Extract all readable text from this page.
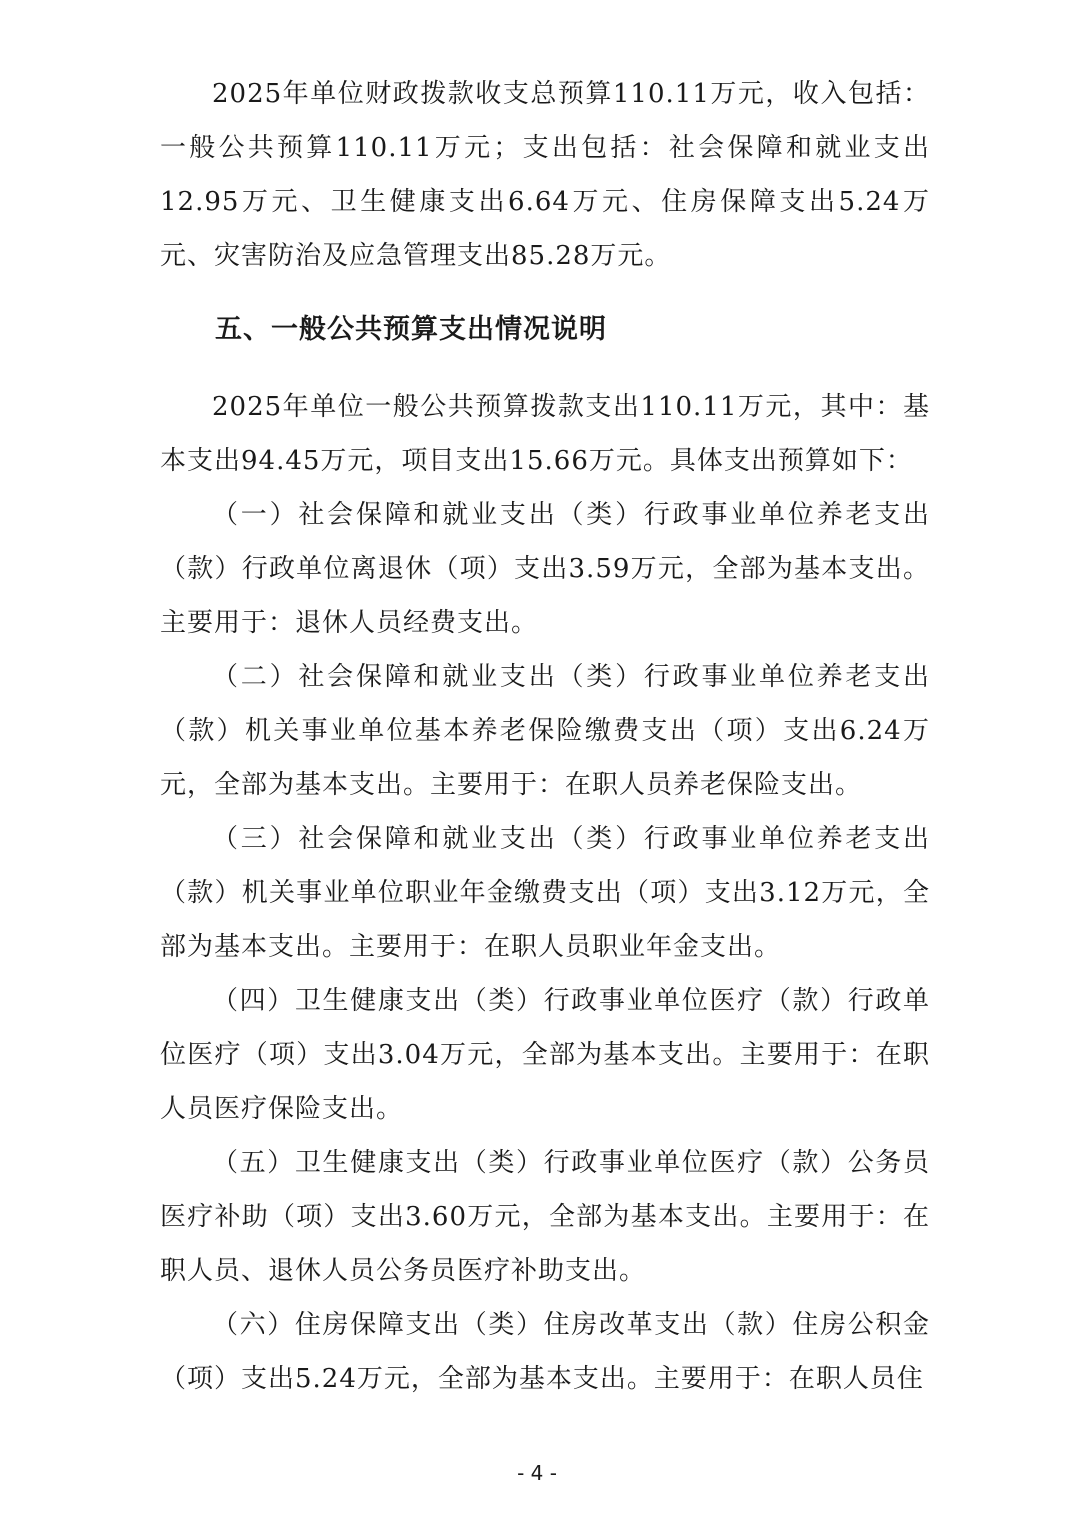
2025年单位财政拨款收支总预算110.11万元，收入包括：一般公共预算110.11万元；支出包括：社会保障和就业支出12.95万元、卫生健康支出6.64万元、住房保障支出5.24万元、灾害防治及应急管理支出85.28万元。

五、一般公共预算支出情况说明

2025年单位一般公共预算拨款支出110.11万元，其中：基本支出94.45万元，项目支出15.66万元。具体支出预算如下：

（一）社会保障和就业支出（类）行政事业单位养老支出（款）行政单位离退休（项）支出3.59万元，全部为基本支出。主要用于：退休人员经费支出。

（二）社会保障和就业支出（类）行政事业单位养老支出（款）机关事业单位基本养老保险缴费支出（项）支出6.24万元，全部为基本支出。主要用于：在职人员养老保险支出。

（三）社会保障和就业支出（类）行政事业单位养老支出（款）机关事业单位职业年金缴费支出（项）支出3.12万元，全部为基本支出。主要用于：在职人员职业年金支出。

（四）卫生健康支出（类）行政事业单位医疗（款）行政单位医疗（项）支出3.04万元，全部为基本支出。主要用于：在职人员医疗保险支出。

（五）卫生健康支出（类）行政事业单位医疗（款）公务员医疗补助（项）支出3.60万元，全部为基本支出。主要用于：在职人员、退休人员公务员医疗补助支出。

（六）住房保障支出（类）住房改革支出（款）住房公积金（项）支出5.24万元，全部为基本支出。主要用于：在职人员住

- 4 -
